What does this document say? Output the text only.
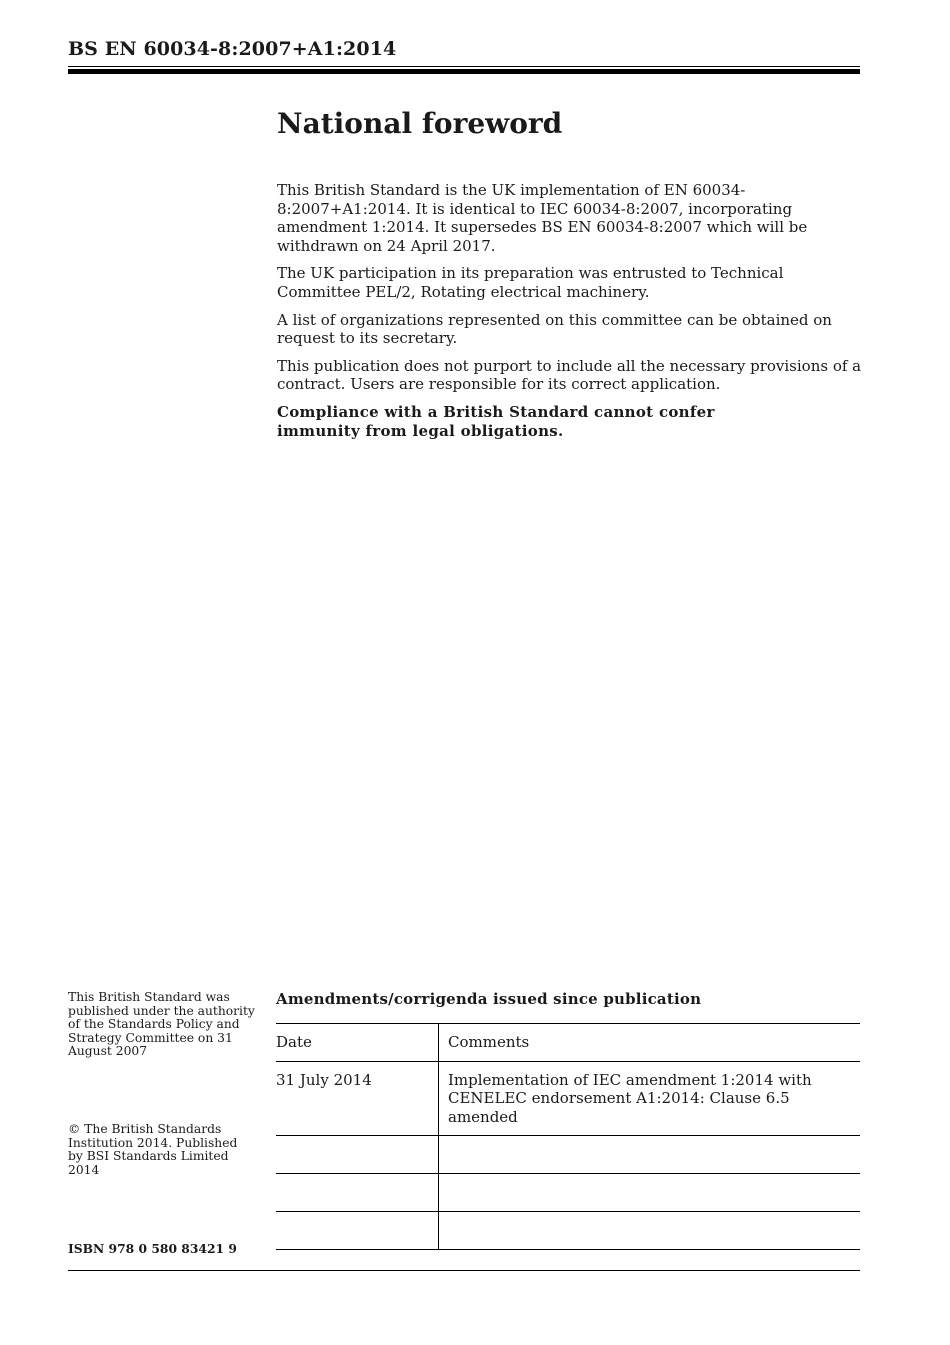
BS EN 60034-8:2007+A1:2014
National foreword

This British Standard is the UK implementation of EN 60034-8:2007+A1:2014. It is identical to IEC 60034-8:2007, incorporating amendment 1:2014. It supersedes BS EN 60034-8:2007 which will be withdrawn on 24 April 2017.

The UK participation in its preparation was entrusted to Technical Committee PEL/2, Rotating electrical machinery.

A list of organizations represented on this committee can be obtained on request to its secretary.

This publication does not purport to include all the necessary provisions of a contract. Users are responsible for its correct application.

Compliance with a British Standard cannot confer immunity from legal obligations.

This British Standard was published under the authority of the Standards Policy and Strategy Committee on 31 August 2007
© The British Standards Institution 2014. Published by BSI Standards Limited 2014
ISBN 978 0 580 83421 9
Amendments/corrigenda issued since publication
Date	Comments
31 July 2014	Implementation of IEC amendment 1:2014 with CENELEC endorsement A1:2014: Clause 6.5 amended
